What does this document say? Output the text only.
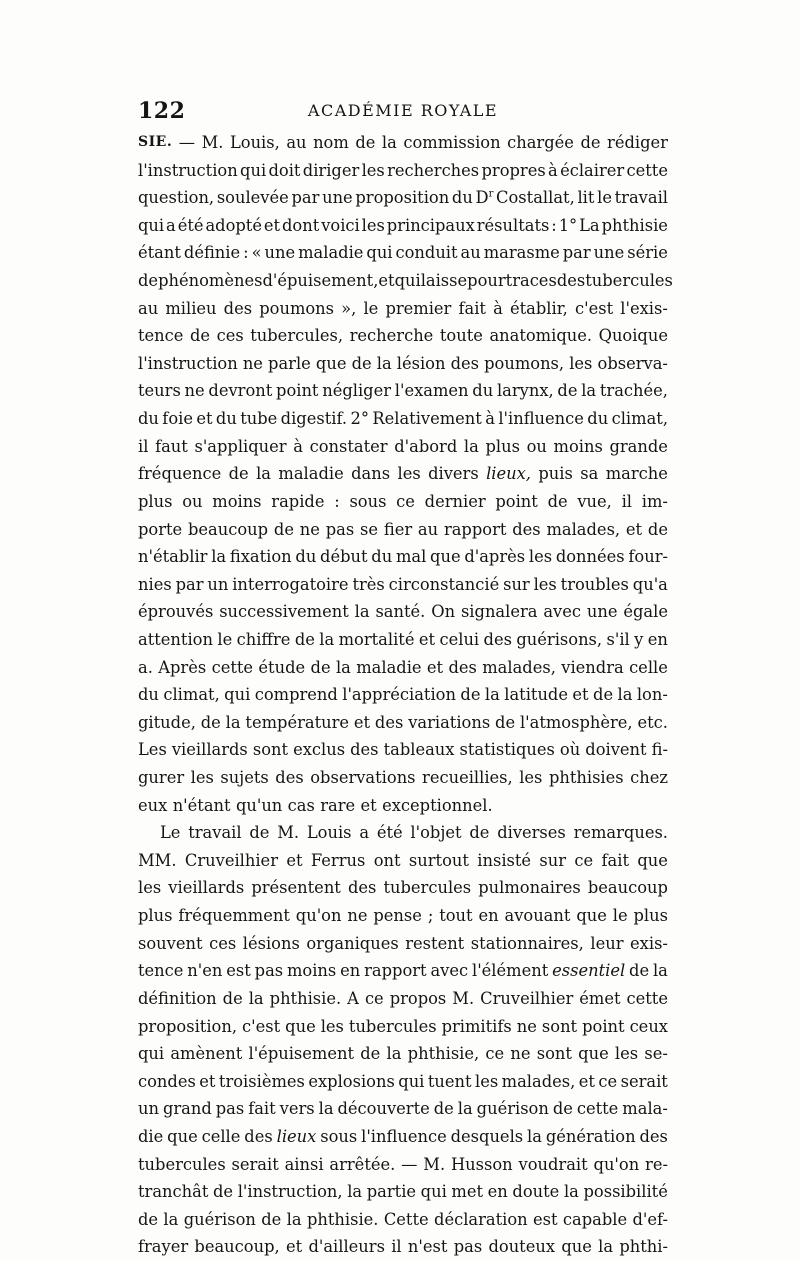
122	ACADÉMIE ROYALE
SIE. — M. Louis, au nom de la commission chargée de rédiger
l'instruction qui doit diriger les recherches propres à éclairer cette
question, soulevée par une proposition du $D^r$ Costallat, lit le travail
qui a été adopté et dont voici les principaux résultats : 1° La phthisie
étant définie : « une maladie qui conduit au marasme par une série
de phénomènes d'épuisement, et qui laisse pour traces des tubercules
au milieu des poumons », le premier fait à établir, c'est l'exis-
tence de ces tubercules, recherche toute anatomique. Quoique
l'instruction ne parle que de la lésion des poumons, les observa-
teurs ne devront point négliger l'examen du larynx, de la trachée,
du foie et du tube digestif. 2° Relativement à l'influence du climat,
il faut s'appliquer à constater d'abord la plus ou moins grande
fréquence de la maladie dans les divers lieux, puis sa marche
plus ou moins rapide : sous ce dernier point de vue, il im-
porte beaucoup de ne pas se fier au rapport des malades, et de
n'établir la fixation du début du mal que d'après les données four-
nies par un interrogatoire très circonstancié sur les troubles qu'a
éprouvés successivement la santé. On signalera avec une égale
attention le chiffre de la mortalité et celui des guérisons, s'il y en
a. Après cette étude de la maladie et des malades, viendra celle
du climat, qui comprend l'appréciation de la latitude et de la lon-
gitude, de la température et des variations de l'atmosphère, etc.
Les vieillards sont exclus des tableaux statistiques où doivent fi-
gurer les sujets des observations recueillies, les phthisies chez
eux n'étant qu'un cas rare et exceptionnel.
Le travail de M. Louis a été l'objet de diverses remarques.
MM. Cruveilhier et Ferrus ont surtout insisté sur ce fait que
les vieillards présentent des tubercules pulmonaires beaucoup
plus fréquemment qu'on ne pense ; tout en avouant que le plus
souvent ces lésions organiques restent stationnaires, leur exis-
tence n'en est pas moins en rapport avec l'élément essentiel de la
définition de la phthisie. A ce propos M. Cruveilhier émet cette
proposition, c'est que les tubercules primitifs ne sont point ceux
qui amènent l'épuisement de la phthisie, ce ne sont que les se-
condes et troisièmes explosions qui tuent les malades, et ce serait
un grand pas fait vers la découverte de la guérison de cette mala-
die que celle des lieux sous l'influence desquels la génération des
tubercules serait ainsi arrêtée. — M. Husson voudrait qu'on re-
tranchât de l'instruction, la partie qui met en doute la possibilité
de la guérison de la phthisie. Cette déclaration est capable d'ef-
frayer beaucoup, et d'ailleurs il n'est pas douteux que la phthi-
